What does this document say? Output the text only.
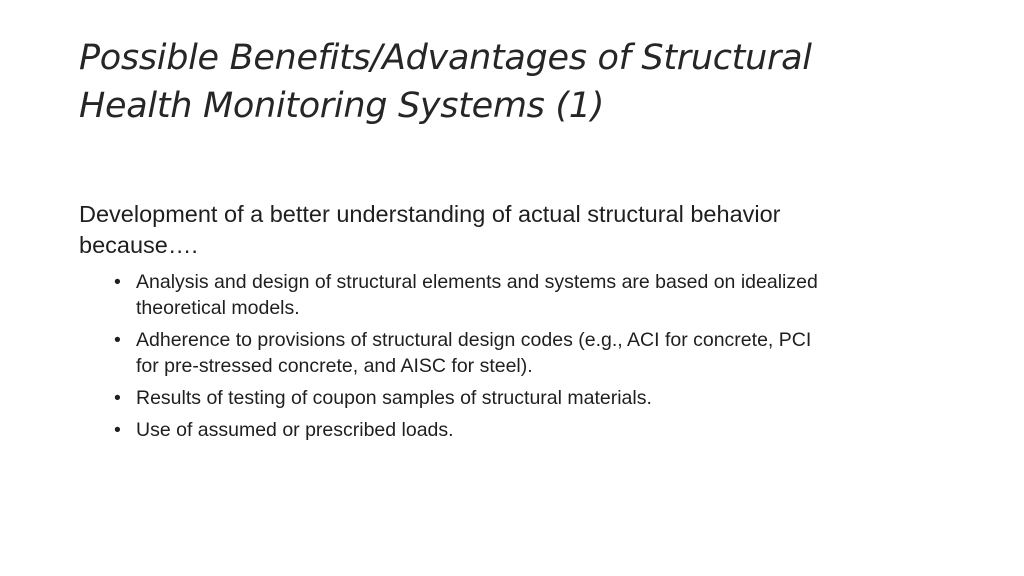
Possible Benefits/Advantages of Structural
Health Monitoring Systems (1)

Development of a better understanding of actual structural behavior
because….

• Analysis and design of structural elements and systems are based on idealized
theoretical models.
• Adherence to provisions of structural design codes (e.g., ACI for concrete, PCI
for pre-stressed concrete, and AISC for steel).
• Results of testing of coupon samples of structural materials.
• Use of assumed or prescribed loads.
